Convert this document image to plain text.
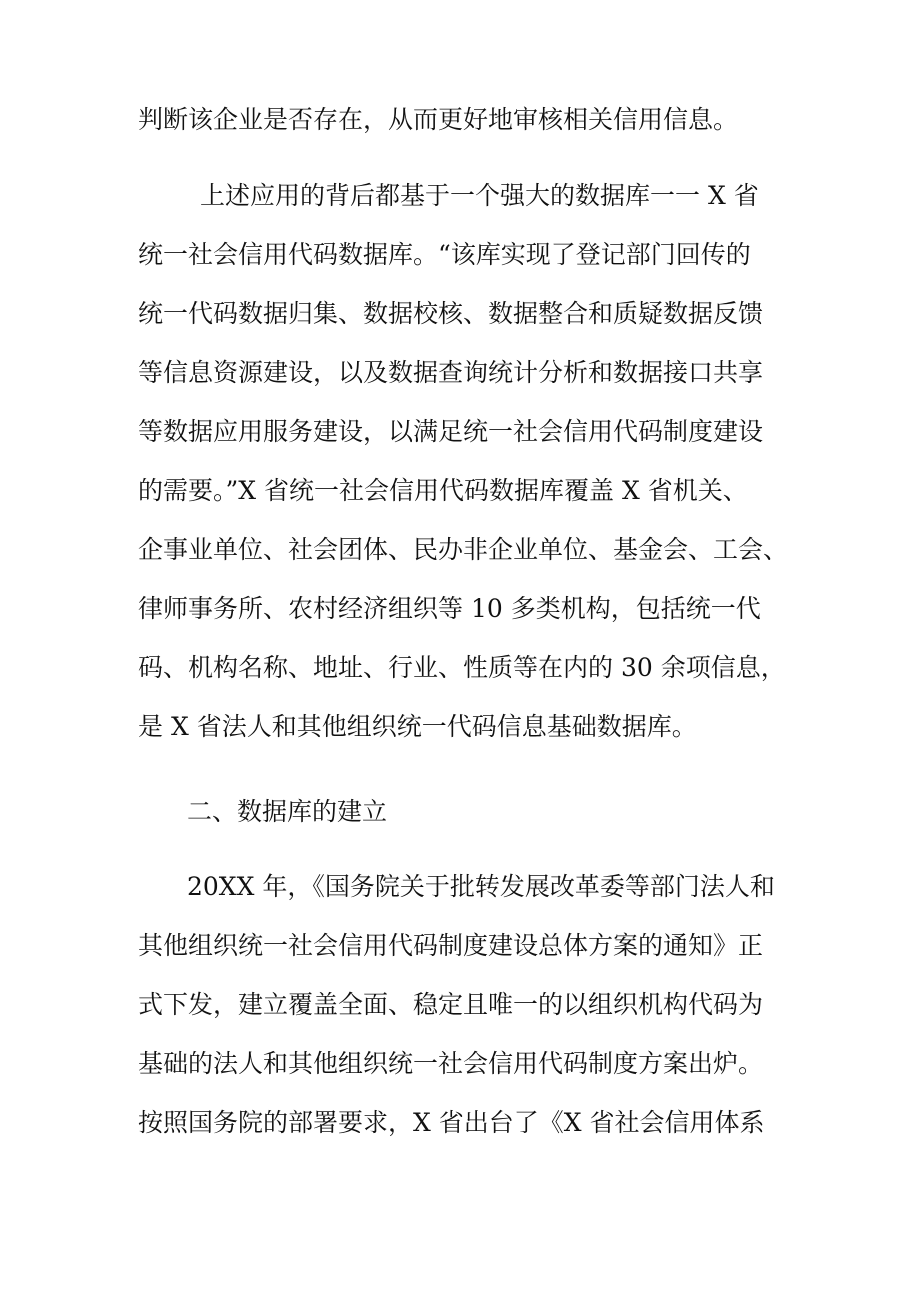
判断该企业是否存在，从而更好地审核相关信用信息。
上述应用的背后都基于一个强大的数据库一一 X 省
统一社会信用代码数据库。“该库实现了登记部门回传的
统一代码数据归集、数据校核、数据整合和质疑数据反馈
等信息资源建设，以及数据查询统计分析和数据接口共享
等数据应用服务建设，以满足统一社会信用代码制度建设
的需要。”X 省统一社会信用代码数据库覆盖 X 省机关、
企事业单位、社会团体、民办非企业单位、基金会、工会、
律师事务所、农村经济组织等 10 多类机构，包括统一代
码、机构名称、地址、行业、性质等在内的 30 余项信息，
是 X 省法人和其他组织统一代码信息基础数据库。
二、数据库的建立
20XX 年，《国务院关于批转发展改革委等部门法人和
其他组织统一社会信用代码制度建设总体方案的通知》正
式下发，建立覆盖全面、稳定且唯一的以组织机构代码为
基础的法人和其他组织统一社会信用代码制度方案出炉。
按照国务院的部署要求，X 省出台了《X 省社会信用体系
